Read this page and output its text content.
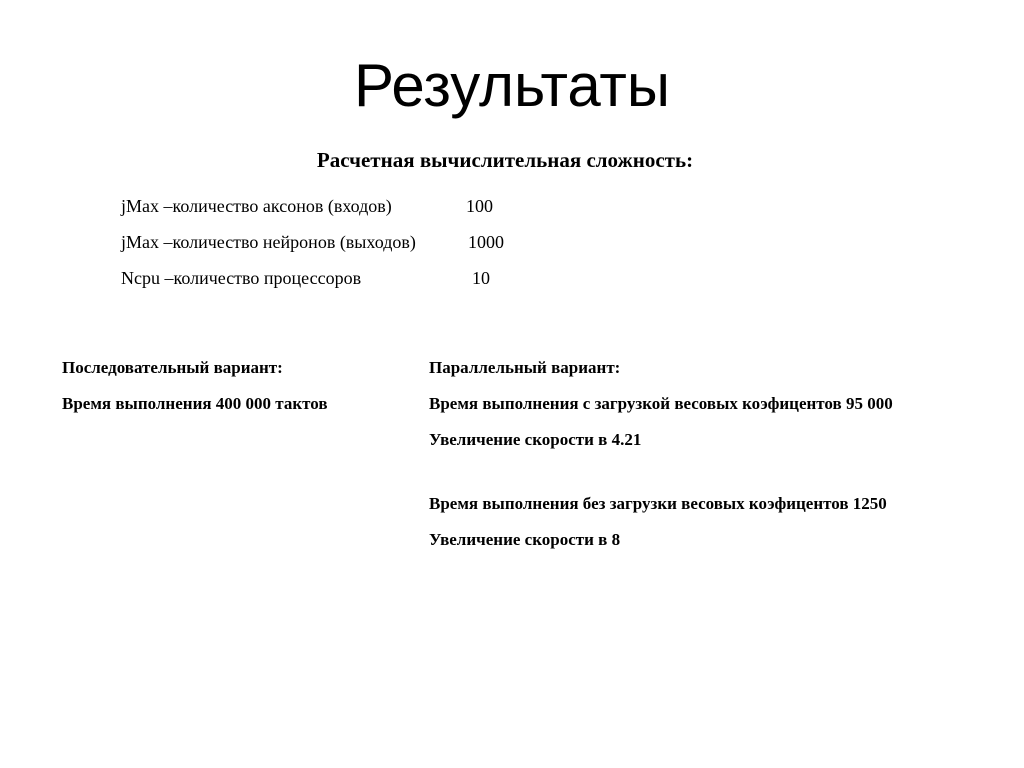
Результаты
Расчетная вычислительная сложность:
jMax –количество аксонов (входов)	100
jMax –количество нейронов (выходов)	1000
Ncpu –количество процессоров	10
Последовательный вариант:
Время выполнения 400 000 тактов
Параллельный вариант:
Время выполнения с загрузкой весовых коэфицентов 95 000
Увеличение скорости в 4.21
Время выполнения без загрузки весовых коэфицентов 1250
Увеличение скорости в 8
